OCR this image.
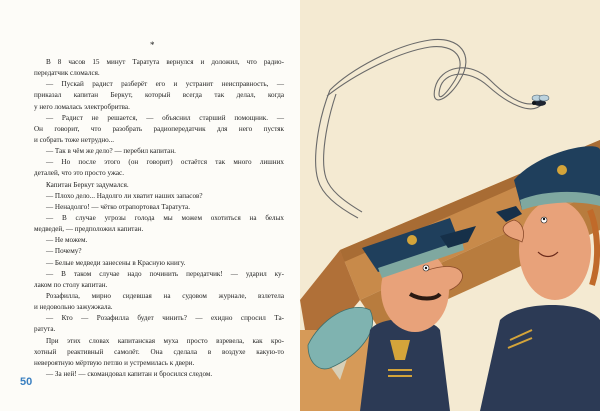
*
В 8 часов 15 минут Таратута вернулся и доложил, что радио-
передатчик сломался.
— Пускай радист разберёт его и устранит неисправность, —
приказал капитан Беркут, который всегда так делал, когда
у него ломалась электробритва.
— Радист не решается, — объяснил старший помощник. —
Он говорит, что разобрать радиопередатчик для него пустяк
и собрать тоже нетрудно...
— Так в чём же дело? — перебил капитан.
— Но после этого (он говорит) остаётся так много лишних
деталей, что это просто ужас.
Капитан Беркут задумался.
— Плохо дело... Надолго ли хватит наших запасов?
— Ненадолго! — чётко отрапортовал Таратута.
— В случае угрозы голода мы можем охотиться на белых
медведей, — предположил капитан.
— Не можем.
— Почему?
— Белые медведи занесены в Красную книгу.
— В таком случае надо починить передатчик! — ударил ку-
лаком по столу капитан.
Розафилла, мирно сидевшая на судовом журнале, взлетела
и недовольно зажужжала.
— Кто — Розафилла будет чинить? — ехидно спросил Та-
ратута.
При этих словах капитанская муха просто взревела, как кро-
хотный реактивный самолёт. Она сделала в воздухе какую-то
невероятную мёртвую петлю и устремилась к двери.
— За ней! — скомандовал капитан и бросился следом.
50
